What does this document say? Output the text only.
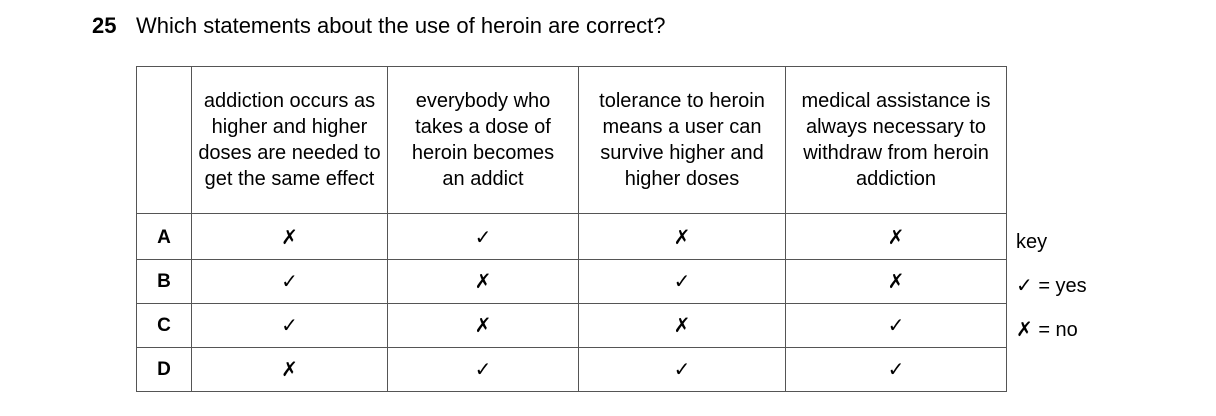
25 Which statements about the use of heroin are correct?
	addiction occurs as higher and higher doses are needed to get the same effect	everybody who takes a dose of heroin becomes an addict	tolerance to heroin means a user can survive higher and higher doses	medical assistance is always necessary to withdraw from heroin addiction
A	✗	✓	✗	✗
B	✓	✗	✓	✗
C	✓	✗	✗	✓
D	✗	✓	✓	✓
key
✓ = yes
✗ = no
